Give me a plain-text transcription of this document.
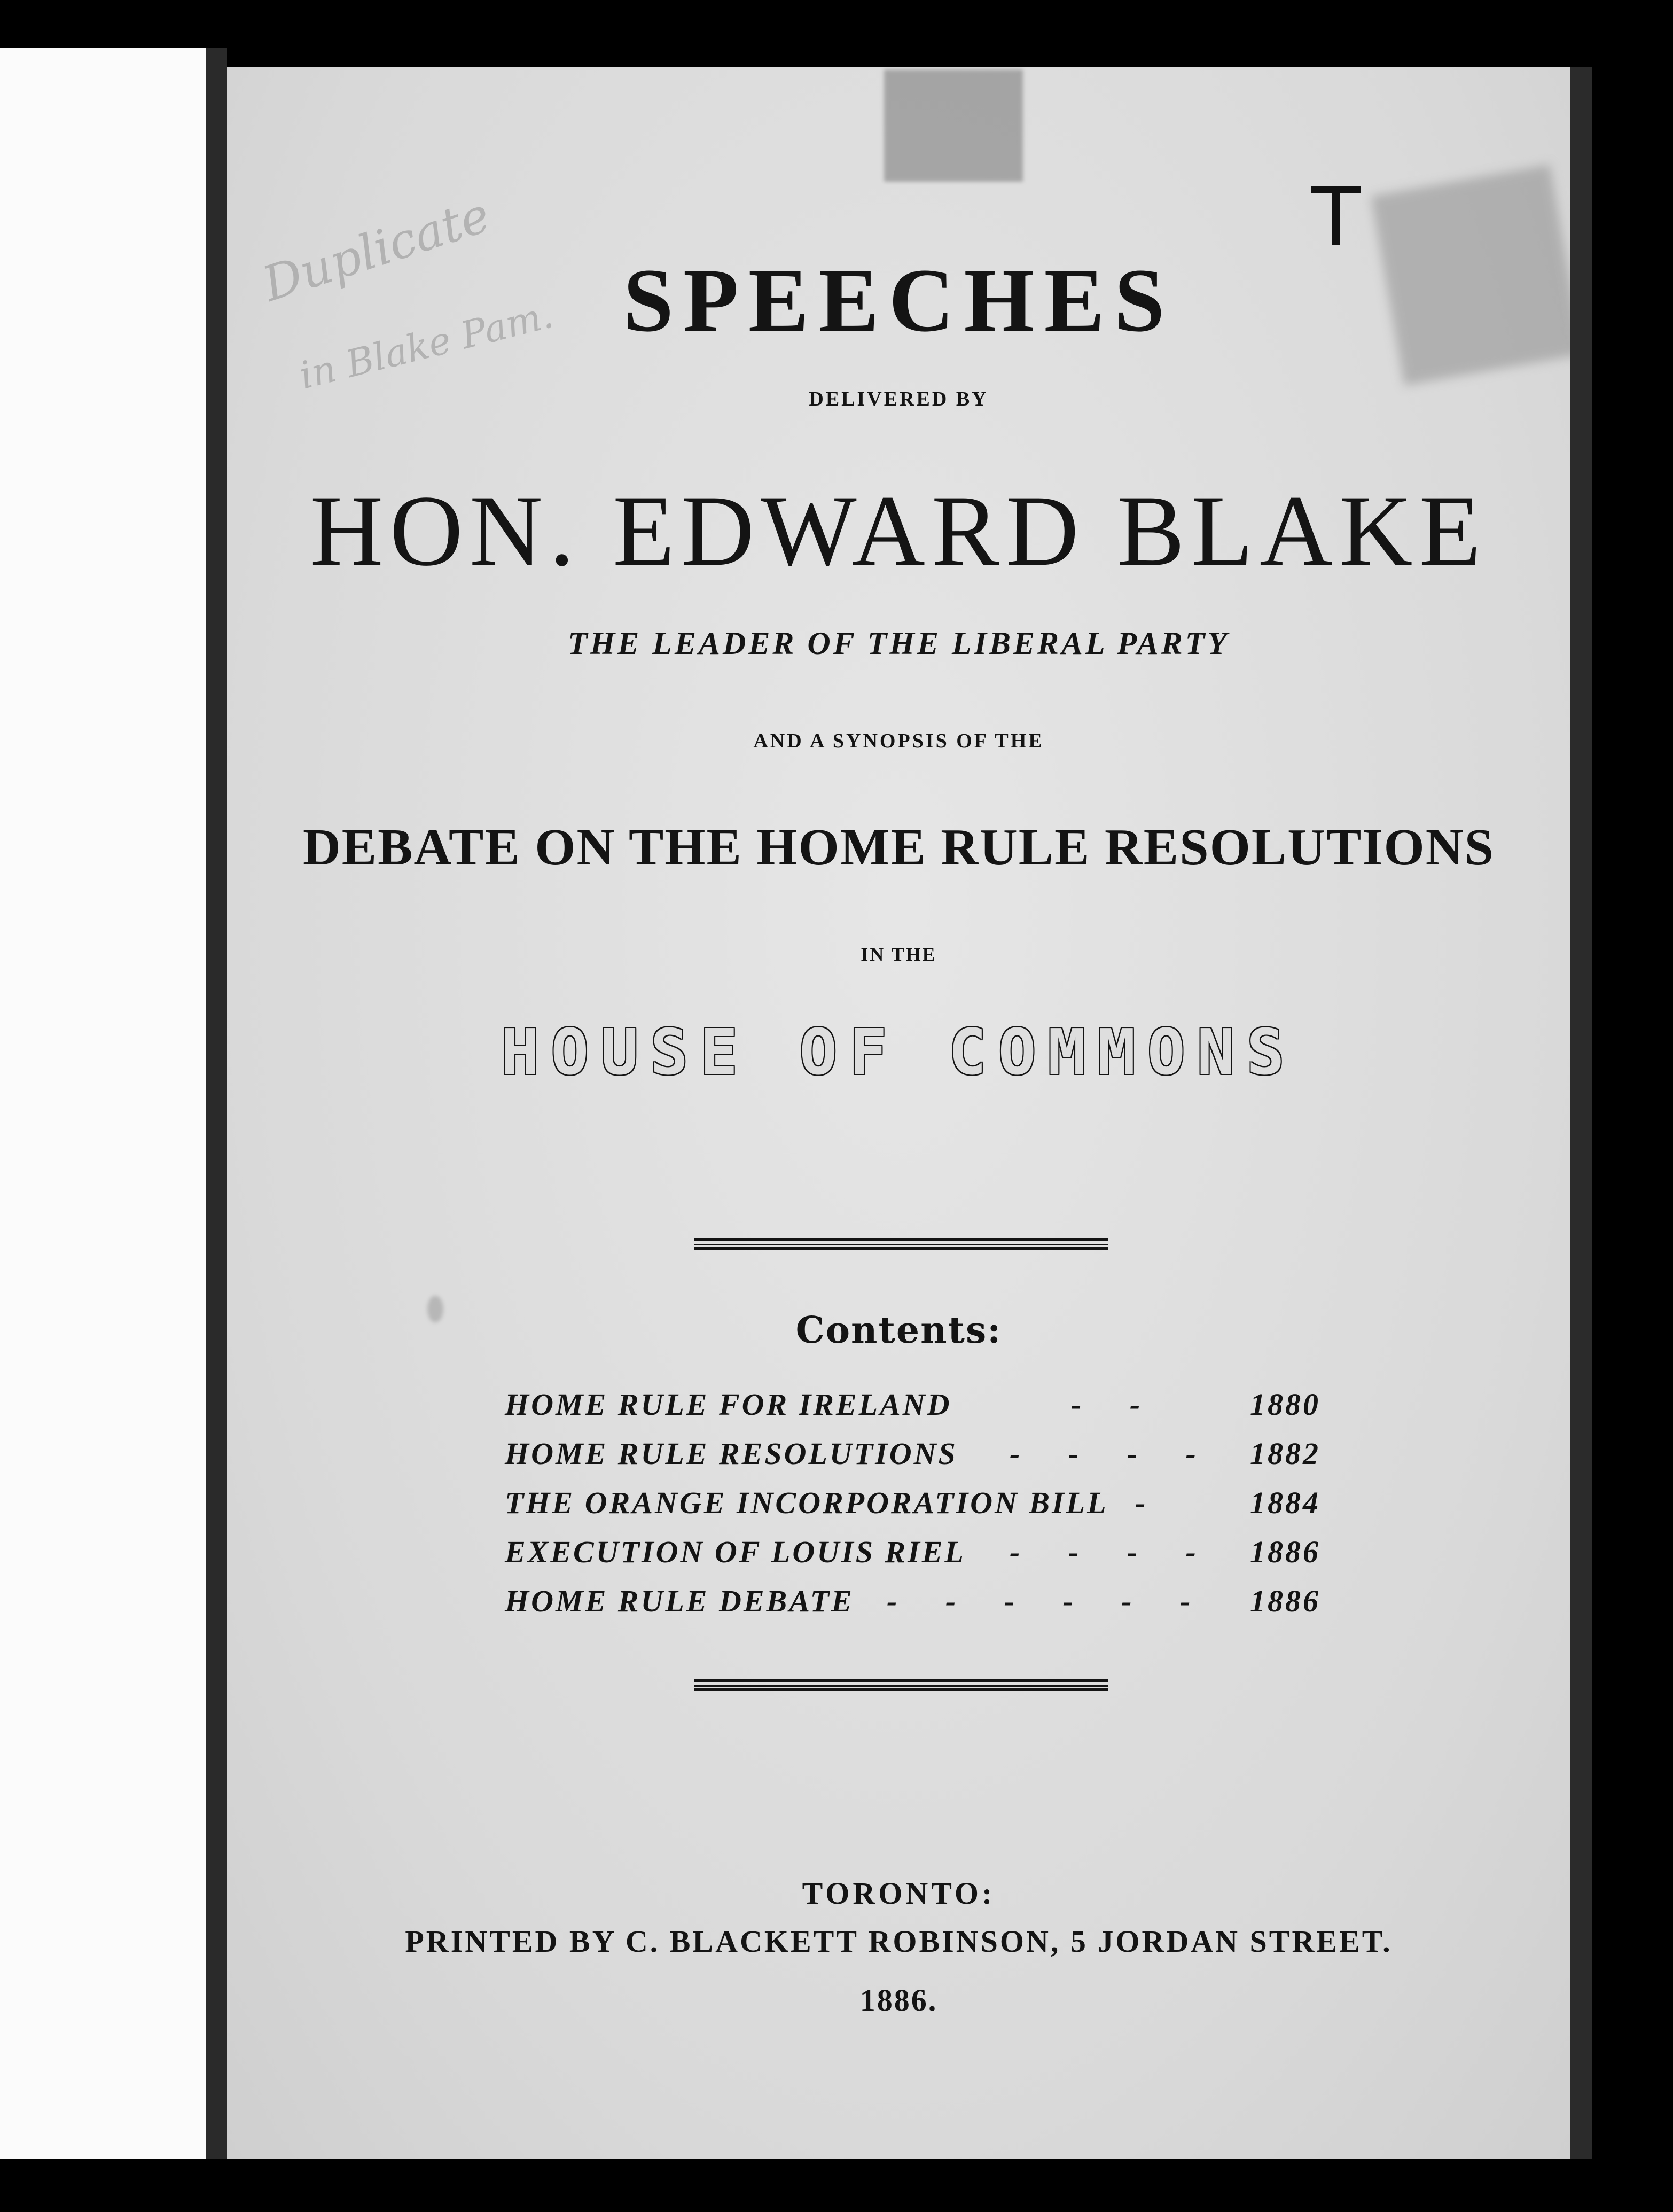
Duplicate
in Blake Pam.
T
SPEECHES
DELIVERED BY
HON. EDWARD BLAKE
THE LEADER OF THE LIBERAL PARTY
AND A SYNOPSIS OF THE
DEBATE ON THE HOME RULE RESOLUTIONS
IN THE
HOUSE OF COMMONS
Contents:
HOME RULE FOR IRELAND	- -	1880
HOME RULE RESOLUTIONS - - - - 1882
THE ORANGE INCORPORATION BILL -	1884
EXECUTION OF LOUIS RIEL - - - - 1886
HOME RULE DEBATE - - - - - - 1886
TORONTO:
PRINTED BY C. BLACKETT ROBINSON, 5 JORDAN STREET.
1886.
